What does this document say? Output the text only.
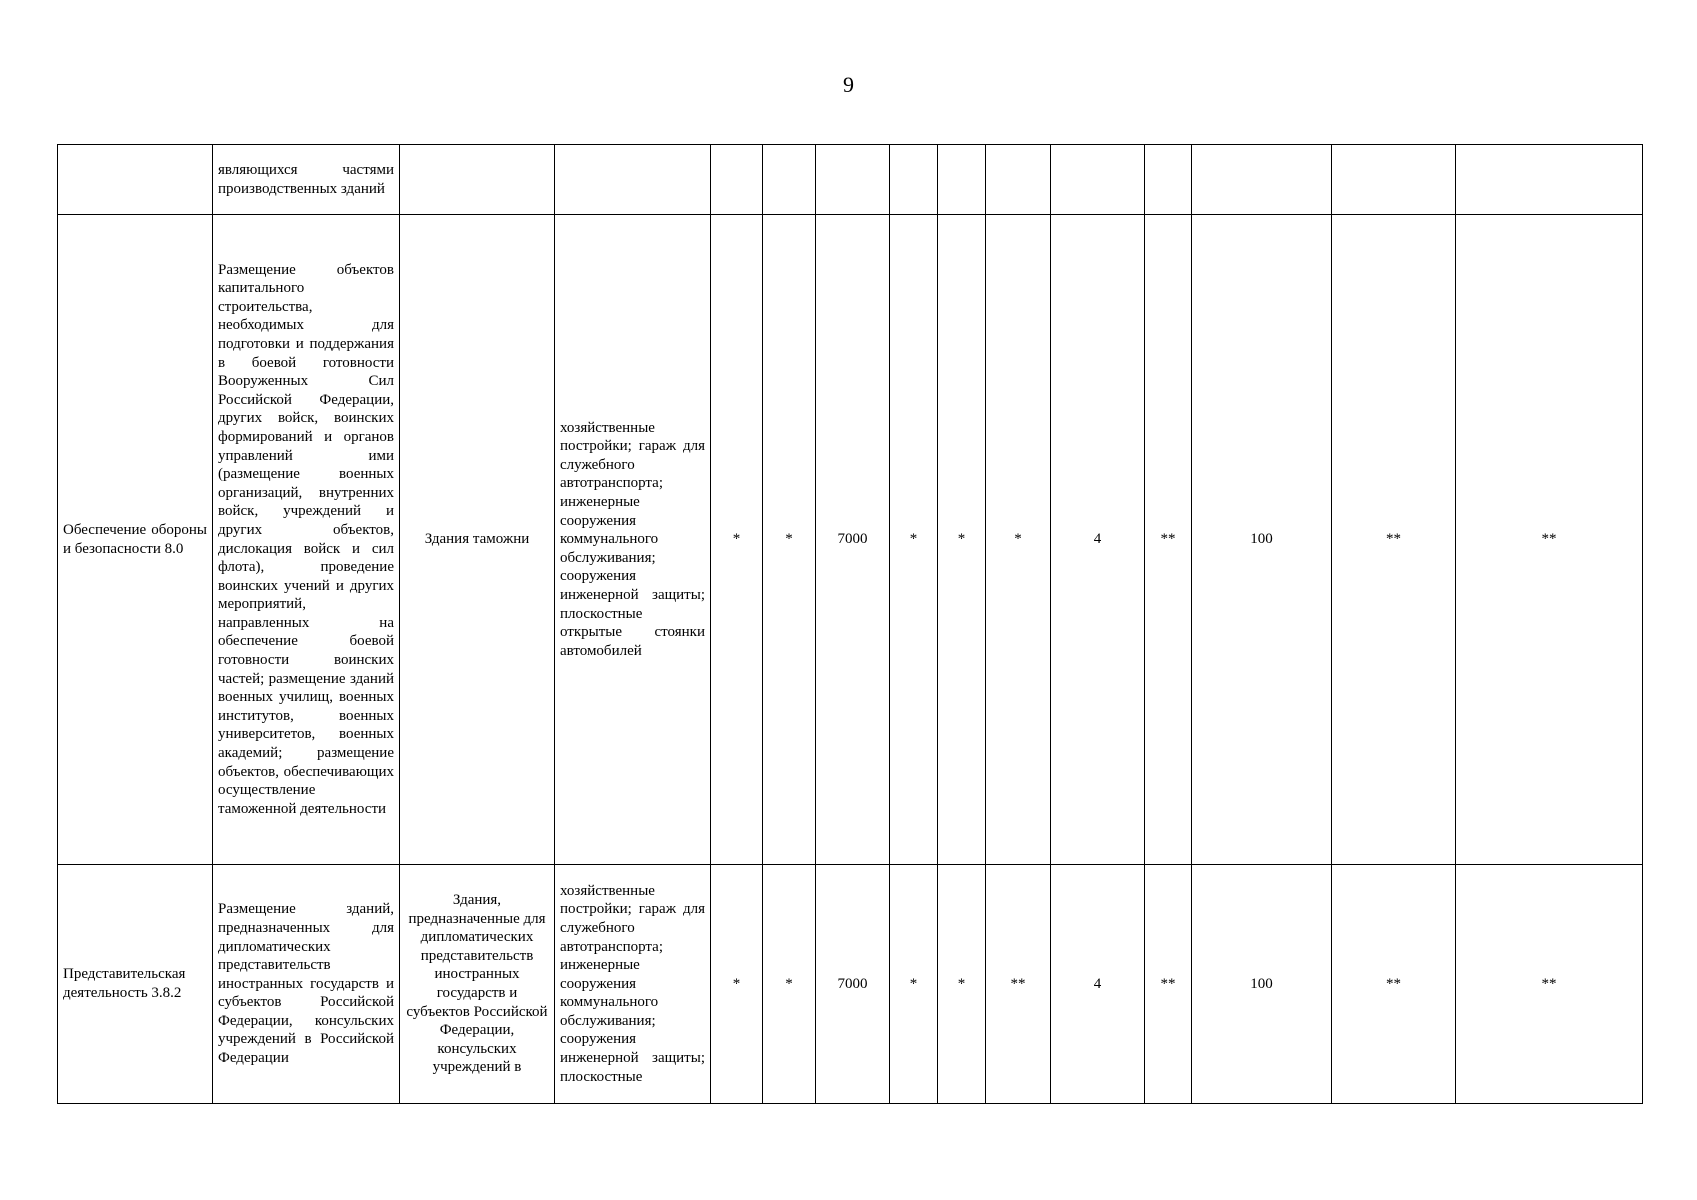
9
	являющихся частями производственных зданий													
Обеспечение обороны и безопасности 8.0	Размещение объектов капитального строительства, необходимых для подготовки и поддержания в боевой готовности Вооруженных Сил Российской Федерации, других войск, воинских формирований и органов управлений ими (размещение военных организаций, внутренних войск, учреждений и других объектов, дислокация войск и сил флота), проведение воинских учений и других мероприятий, направленных на обеспечение боевой готовности воинских частей; размещение зданий военных училищ, военных институтов, военных университетов, военных академий; размещение объектов, обеспечивающих осуществление таможенной деятельности	Здания таможни	хозяйственные постройки; гараж для служебного автотранспорта; инженерные сооружения коммунального обслуживания; сооружения инженерной защиты; плоскостные открытые стоянки автомобилей	*	*	7000	*	*	*	4	**	100	**	**
Представительская деятельность 3.8.2	Размещение зданий, предназначенных для дипломатических представительств иностранных государств и субъектов Российской Федерации, консульских учреждений в Российской Федерации	Здания, предназначенные для дипломатических представительств иностранных государств и субъектов Российской Федерации, консульских учреждений в	хозяйственные постройки; гараж для служебного автотранспорта; инженерные сооружения коммунального обслуживания; сооружения инженерной защиты; плоскостные	*	*	7000	*	*	**	4	**	100	**	**
